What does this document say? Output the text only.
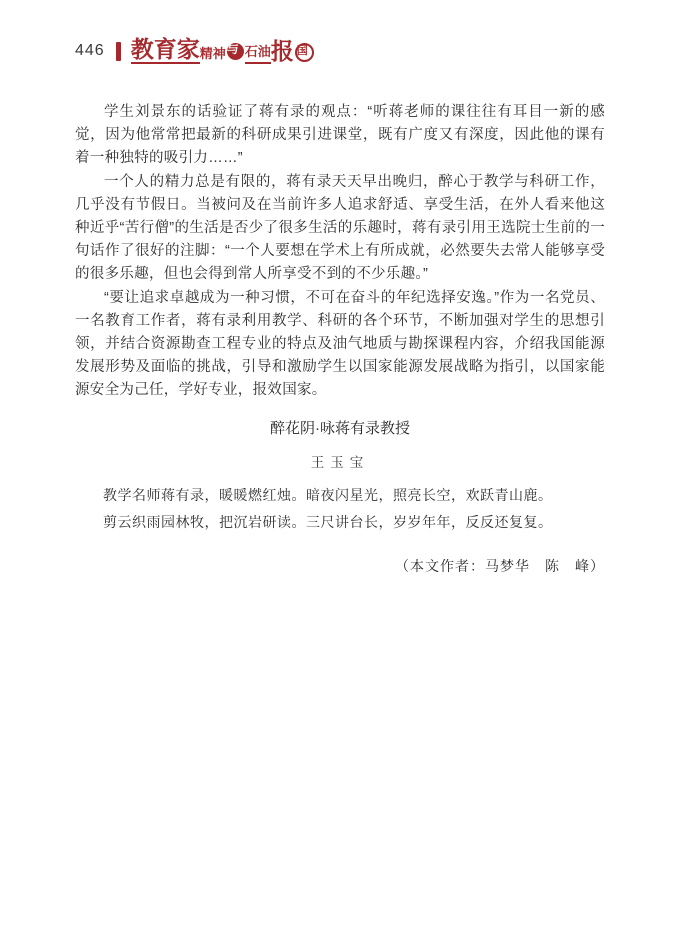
446 教育家 精神 与 石油 报 国

学生刘景东的话验证了蒋有录的观点：“听蒋老师的课往往有耳目一新的感觉，因为他常常把最新的科研成果引进课堂，既有广度又有深度，因此他的课有着一种独特的吸引力……”

一个人的精力总是有限的，蒋有录天天早出晚归，醉心于教学与科研工作，几乎没有节假日。当被问及在当前许多人追求舒适、享受生活，在外人看来他这种近乎“苦行僧”的生活是否少了很多生活的乐趣时，蒋有录引用王选院士生前的一句话作了很好的注脚：“一个人要想在学术上有所成就，必然要失去常人能够享受的很多乐趣，但也会得到常人所享受不到的不少乐趣。”

“要让追求卓越成为一种习惯，不可在奋斗的年纪选择安逸。”作为一名党员、一名教育工作者，蒋有录利用教学、科研的各个环节，不断加强对学生的思想引领，并结合资源勘查工程专业的特点及油气地质与勘探课程内容，介绍我国能源发展形势及面临的挑战，引导和激励学生以国家能源发展战略为指引，以国家能源安全为己任，学好专业，报效国家。

醉花阴·咏蒋有录教授
王玉宝

教学名师蒋有录，暖暖燃红烛。暗夜闪星光，照亮长空，欢跃青山鹿。

剪云织雨园林牧，把沉岩研读。三尺讲台长，岁岁年年，反反还复复。

（本文作者：马梦华　陈　峰）
